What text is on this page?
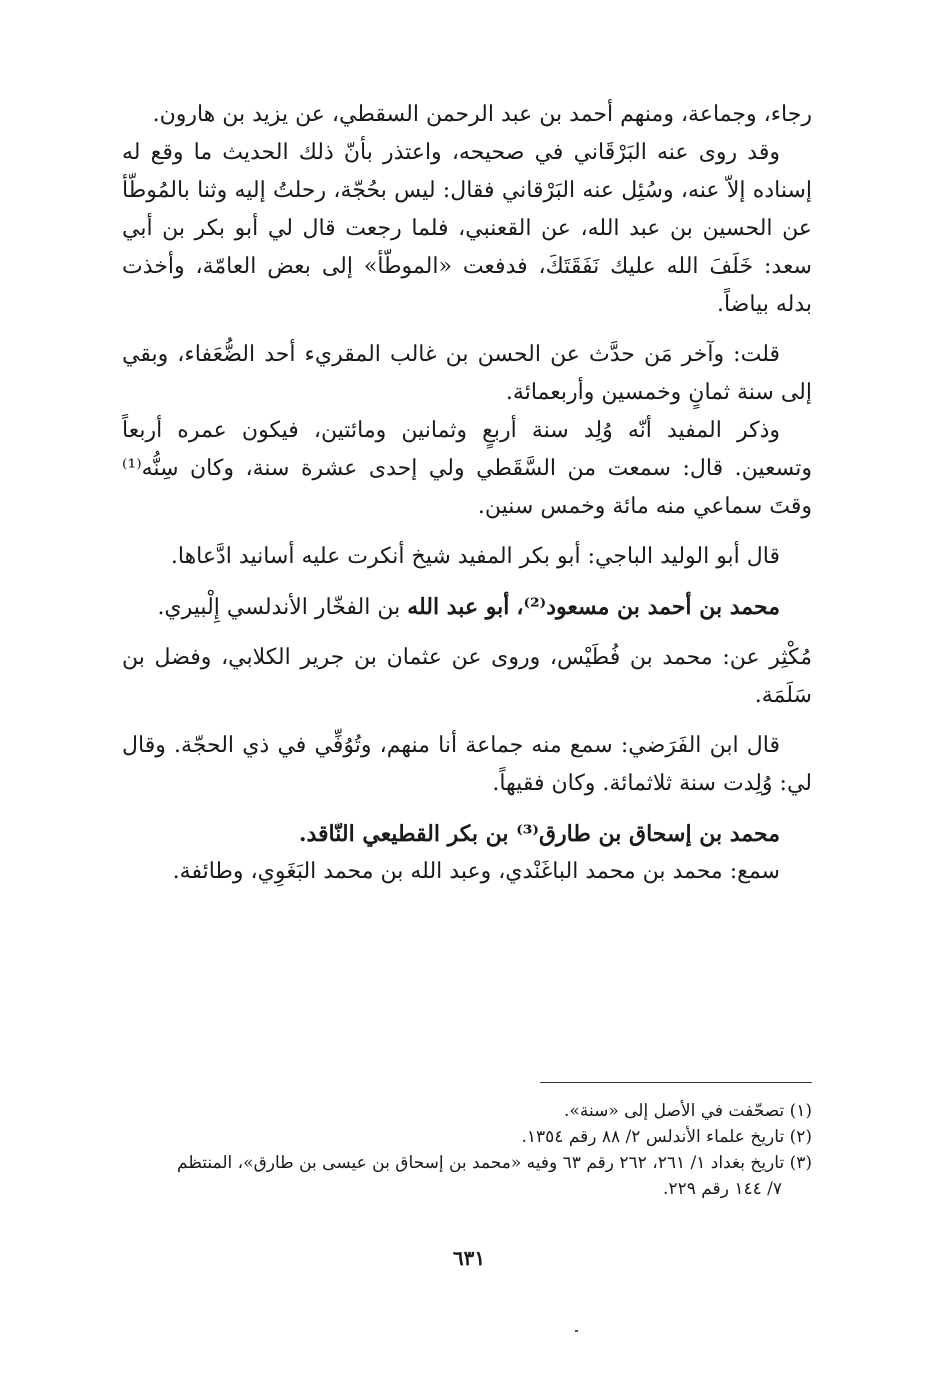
رجاء، وجماعة، ومنهم أحمد بن عبد الرحمن السقطي، عن يزيد بن هارون.

وقد روى عنه البَرْقَاني في صحيحه، واعتذر بأنّ ذلك الحديث ما وقع له إسناده إلاّ عنه، وسُئِل عنه البَرْقاني فقال: ليس بحُجّة، رحلتُ إليه وثنا بالمُوطّأ عن الحسين بن عبد الله، عن القعنبي، فلما رجعت قال لي أبو بكر بن أبي سعد: خَلَفَ الله عليك نَفَقَتَكَ، فدفعت «الموطّأ» إلى بعض العامّة، وأخذت بدله بياضاً.

قلت: وآخر مَن حدَّث عن الحسن بن غالب المقريء أحد الضُّعَفاء، وبقي إلى سنة ثمانٍ وخمسين وأربعمائة.

وذكر المفيد أنّه وُلِد سنة أربعٍ وثمانين ومائتين، فيكون عمره أربعاً وتسعين. قال: سمعت من السَّقَطي ولي إحدى عشرة سنة، وكان سِنُّه⁽¹⁾ وقتَ سماعي منه مائة وخمس سنين.

قال أبو الوليد الباجي: أبو بكر المفيد شيخ أنكرت عليه أسانيد ادَّعاها.

محمد بن أحمد بن مسعود⁽²⁾، أبو عبد الله بن الفخّار الأندلسي إِلْبيري.

مُكْثِر عن: محمد بن فُطَيْس، وروى عن عثمان بن جرير الكلابي، وفضل بن سَلَمَة.

قال ابن الفَرَضي: سمع منه جماعة أنا منهم، وتُوُفِّي في ذي الحجّة. وقال لي: وُلِدت سنة ثلاثمائة. وكان فقيهاً.

محمد بن إسحاق بن طارق⁽³⁾ بن بكر القطيعي النّاقد.

سمع: محمد بن محمد الباغَنْدي، وعبد الله بن محمد البَغَوِي، وطائفة.

(١) تصحّفت في الأصل إلى «سنة».

(٢) تاريخ علماء الأندلس ٢/ ٨٨ رقم ١٣٥٤.

(٣) تاريخ بغداد ١/ ٢٦١، ٢٦٢ رقم ٦٣ وفيه «محمد بن إسحاق بن عيسى بن طارق»، المنتظم

٧/ ١٤٤ رقم ٢٢٩.

٦٣١
